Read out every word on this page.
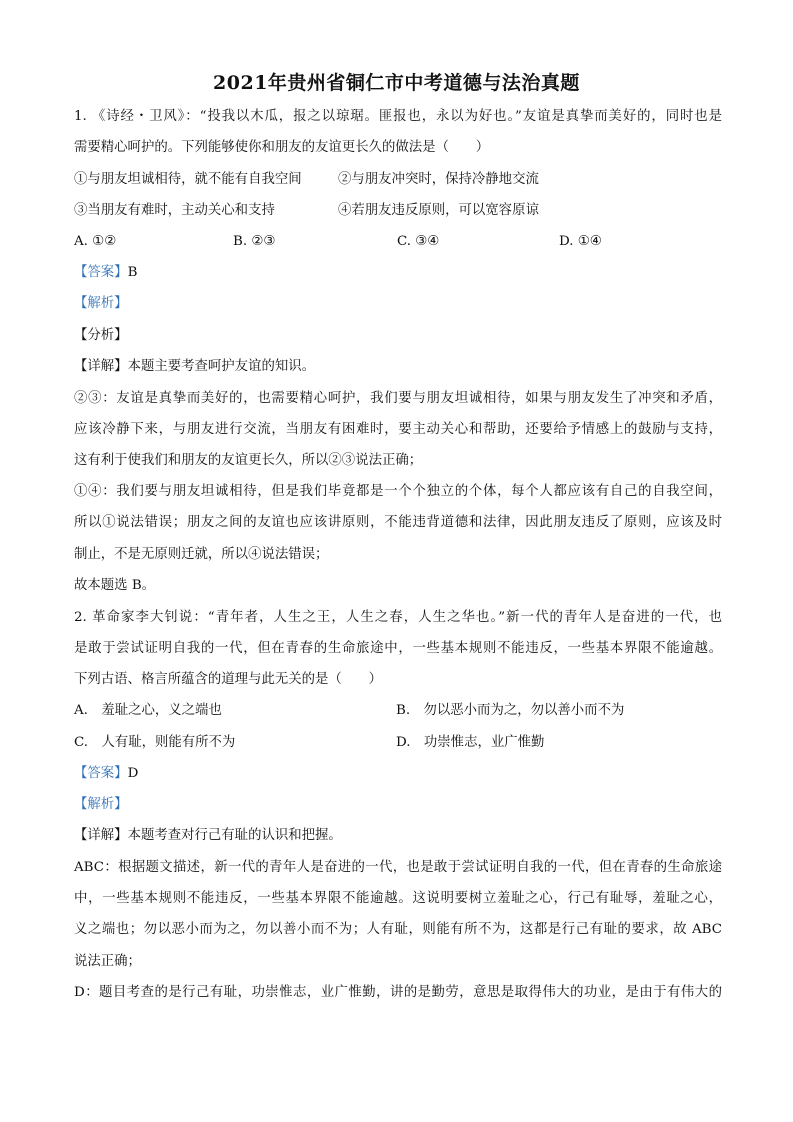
2021年贵州省铜仁市中考道德与法治真题
1. 《诗经・卫风》：“投我以木瓜，报之以琼琚。匪报也，永以为好也。”友谊是真挚而美好的，同时也是
需要精心呵护的。下列能够使你和朋友的友谊更长久的做法是（　　）
①与朋友坦诚相待，就不能有自我空间	②与朋友冲突时，保持冷静地交流
③当朋友有难时，主动关心和支持	④若朋友违反原则，可以宽容原谅
A. ①②	B. ②③	C. ③④	D. ①④
【答案】B
【解析】
【分析】
【详解】本题主要考查呵护友谊的知识。
②③：友谊是真挚而美好的，也需要精心呵护，我们要与朋友坦诚相待，如果与朋友发生了冲突和矛盾，
应该冷静下来，与朋友进行交流，当朋友有困难时，要主动关心和帮助，还要给予情感上的鼓励与支持，
这有利于使我们和朋友的友谊更长久，所以②③说法正确；
①④：我们要与朋友坦诚相待，但是我们毕竟都是一个个独立的个体，每个人都应该有自己的自我空间，
所以①说法错误；朋友之间的友谊也应该讲原则，不能违背道德和法律，因此朋友违反了原则，应该及时
制止，不是无原则迁就，所以④说法错误；
故本题选 B。
2. 革命家李大钊说：“青年者，人生之王，人生之春，人生之华也。”新一代的青年人是奋进的一代，也
是敢于尝试证明自我的一代，但在青春的生命旅途中，一些基本规则不能违反，一些基本界限不能逾越。
下列古语、格言所蕴含的道理与此无关的是（　　）
A.　羞耻之心，义之端也	B.　勿以恶小而为之，勿以善小而不为
C.　人有耻，则能有所不为	D.　功崇惟志，业广惟勤
【答案】D
【解析】
【详解】本题考查对行己有耻的认识和把握。
ABC：根据题文描述，新一代的青年人是奋进的一代，也是敢于尝试证明自我的一代，但在青春的生命旅途
中，一些基本规则不能违反，一些基本界限不能逾越。这说明要树立羞耻之心，行己有耻辱，羞耻之心，
义之端也；勿以恶小而为之，勿以善小而不为；人有耻，则能有所不为，这都是行己有耻的要求，故 ABC
说法正确；
D：题目考查的是行己有耻，功崇惟志，业广惟勤，讲的是勤劳，意思是取得伟大的功业，是由于有伟大的
